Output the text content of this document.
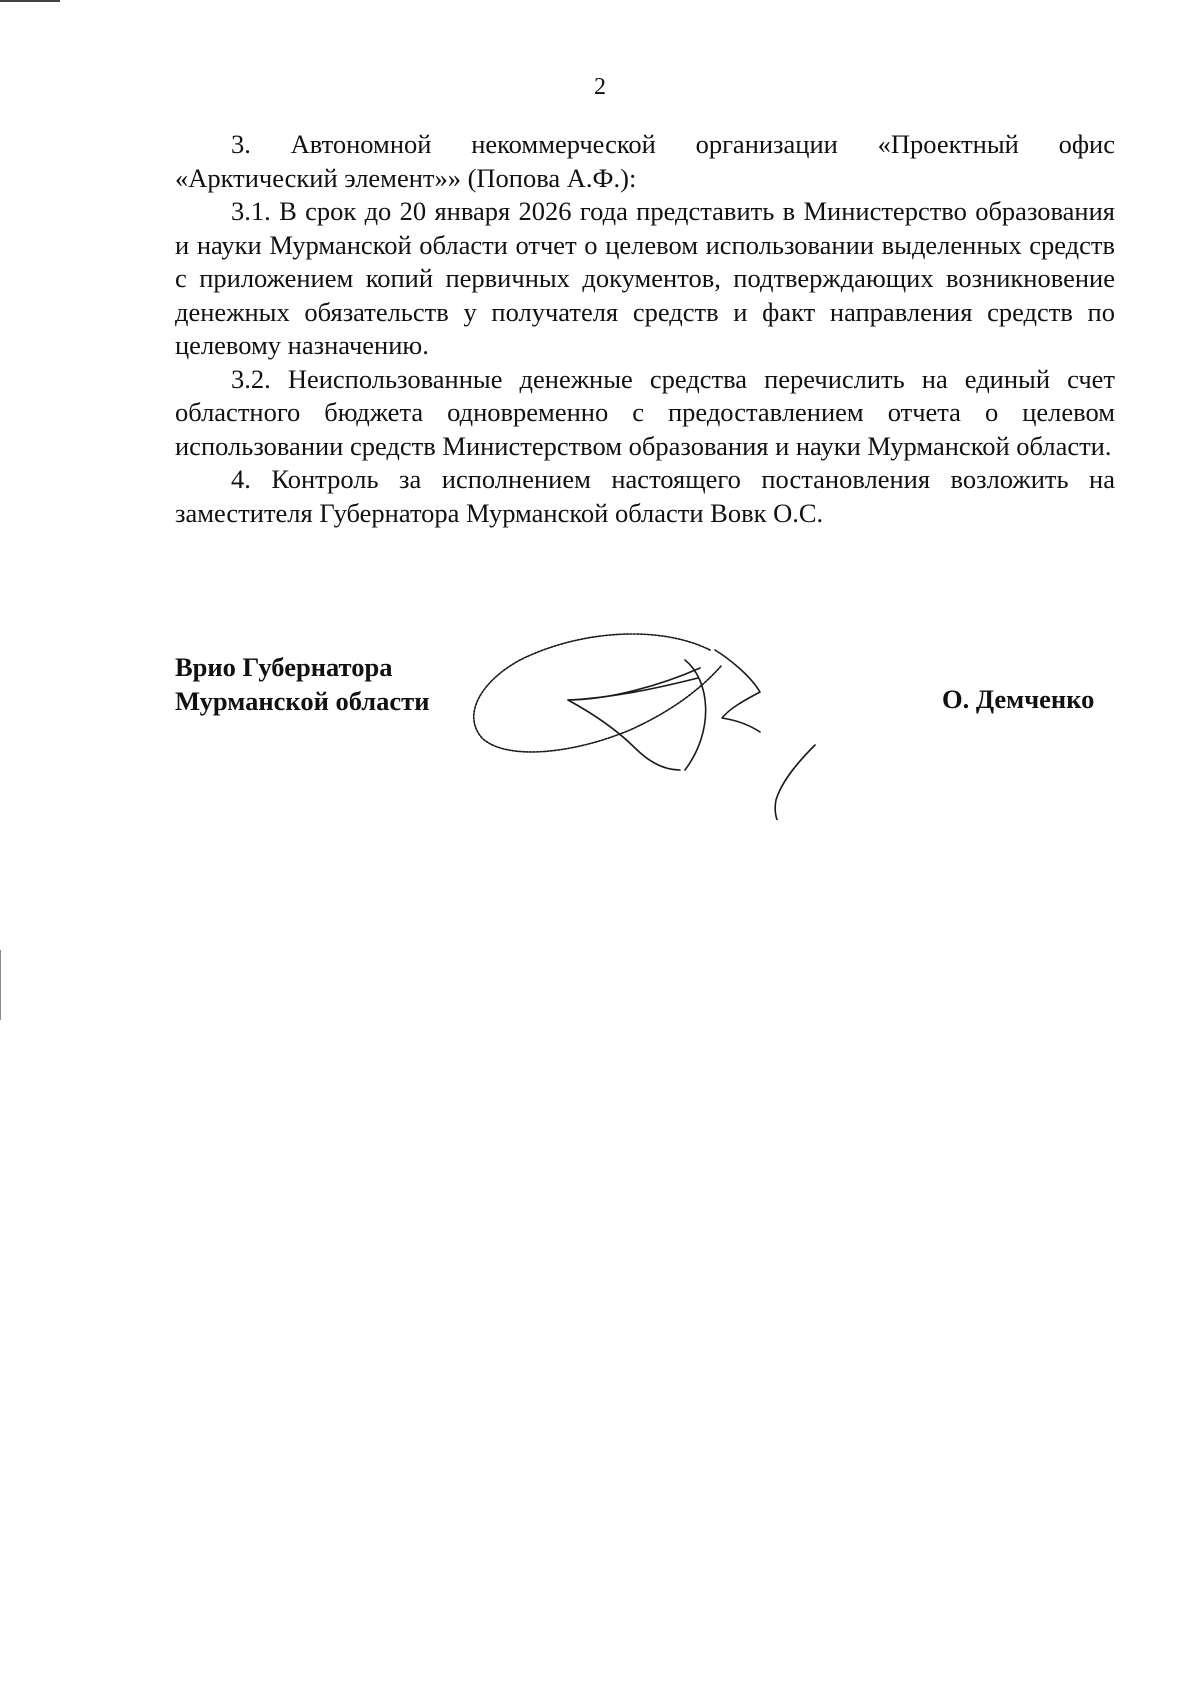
2

3. Автономной некоммерческой организации «Проектный офис «Арктический элемент»» (Попова А.Ф.):

3.1. В срок до 20 января 2026 года представить в Министерство образования и науки Мурманской области отчет о целевом использовании выделенных средств с приложением копий первичных документов, подтверждающих возникновение денежных обязательств у получателя средств и факт направления средств по целевому назначению.

3.2. Неиспользованные денежные средства перечислить на единый счет областного бюджета одновременно с предоставлением отчета о целевом использовании средств Министерством образования и науки Мурманской области.

4. Контроль за исполнением настоящего постановления возложить на заместителя Губернатора Мурманской области Вовк О.С.

Врио Губернатора
Мурманской области	О. Демченко
